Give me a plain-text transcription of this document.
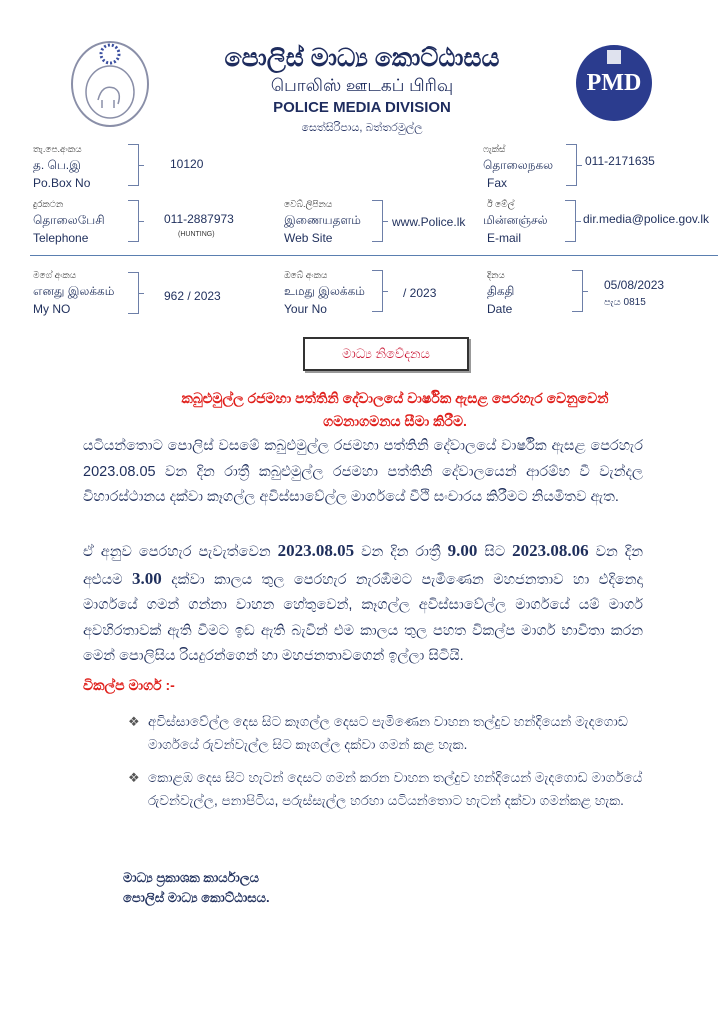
PMD
පොලිස් මාධ්‍ය කොට්ඨාසය
பொலிஸ் ஊடகப் பிரிவு
POLICE MEDIA DIVISION
සෙත්සිරිපාය, බත්තරමුල්ල
තැ.පෙ.අංකය
த. பெ.இ
Po.Box No
10120
ෆැක්ස්
தொலைநகல
Fax
011-2171635
දුරකථන
தொலைபேசி
Telephone
011-2887973
(HUNTING)
වෙබ්.ලිපිනය
இணையதளம்
Web Site
www.Police.lk
ඊ මේල්
மின்னஞ்சல்
E-mail
dir.media@police.gov.lk
මගේ අංකය
எனது இலக்கம்
My NO
962 / 2023
ඔබේ අංකය
உமது இலக்கம்
Your No
/ 2023
දිනය
திகதி
Date
05/08/2023
පැය 0815
මාධ්‍ය නිවේදනය
කබුළුමුල්ල රජමහා පත්තිනි දේවාලයේ වාර්ෂික ඇසළ පෙරහැර වෙනුවෙන්
ගමනාගමනය සීමා කිරීම.
යටියන්තොට පොලිස් වසමේ කබුළුමුල්ල රජමහා පත්තිනි දේවාලයේ වාර්ෂික ඇසළ පෙරහැර 2023.08.05 වන දින රාත්‍රී කබුළුමුල්ල රජමහා පත්තිනි දේවාලයෙන් ආරම්භ වී වැන්දල විහාරස්ථානය දක්වා කෑගල්ල අවිස්සාවේල්ල මාර්ගයේ වීථි සංචාරය කිරීමට නියමිතව ඇත.
ඒ අනුව පෙරහැර පැවැත්වෙන 2023.08.05 වන දින රාත්‍රී 9.00 සිට 2023.08.06 වන දින අළුයම 3.00 දක්වා කාලය තුල පෙරහැර නැරඹීමට පැමිණෙන මහජනතාව හා එදිනෙදා මාර්ගයේ ගමන් ගන්නා වාහන හේතුවෙන්, කෑගල්ල අවිස්සාවේල්ල මාර්ගයේ යම් මාර්ග අවහිරතාවක් ඇති වීමට ඉඩ ඇති බැවින් එම කාලය තුල පහත විකල්ප මාර්ග භාවිතා කරන මෙන් පොලිසිය රියදුරන්ගෙන් හා මහජනතාවගෙන් ඉල්ලා සිටියි.
විකල්ප මාර්ග :-
❖ අවිස්සාවේල්ල දෙස සිට කෑගල්ල දෙසට පැමිණෙන වාහන තල්දුව හන්දියෙන් මැදගොඩ මාර්ගයේ රුවන්වැල්ල සිට කෑගල්ල දක්වා ගමන් කළ හැක.
❖ කොළඹ දෙස සිට හැටන් දෙසට ගමන් කරන වාහන තල්දුව හන්දියෙන් මැදගොඩ මාර්ගයේ රුවන්වැල්ල, පනාපිටිය, පරුස්සැල්ල හරහා යටියන්තොට හැටන් දක්වා ගමන්කළ හැක.
මාධ්‍ය ප්‍රකාශක කාර්යාලය
පොලිස් මාධ්‍ය කොට්ඨාසය.
